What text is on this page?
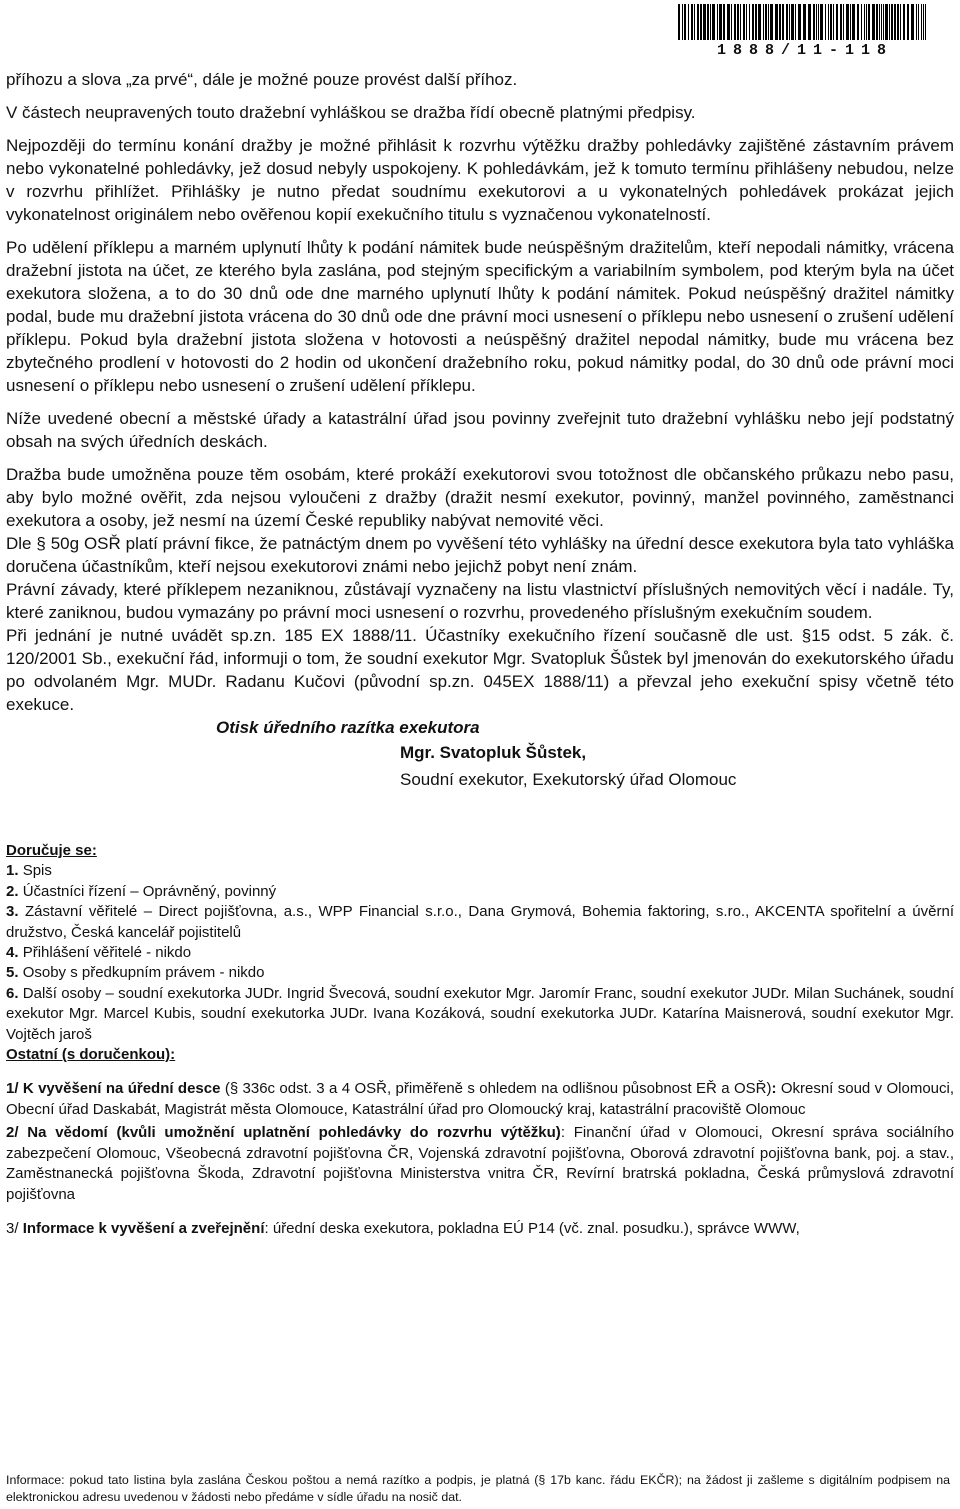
1888/11-118

příhozu a slova „za prvé“, dále je možné pouze provést další příhoz.

V částech neupravených touto dražební vyhláškou se dražba řídí obecně platnými předpisy.

Nejpozději do termínu konání dražby je možné přihlásit k rozvrhu výtěžku dražby pohledávky zajištěné zástavním právem nebo vykonatelné pohledávky, jež dosud nebyly uspokojeny. K pohledávkám, jež k tomuto termínu přihlášeny nebudou, nelze v rozvrhu přihlížet. Přihlášky je nutno předat soudnímu exekutorovi a u vykonatelných pohledávek prokázat jejich vykonatelnost originálem nebo ověřenou kopií exekučního titulu s vyznačenou vykonatelností.

Po udělení příklepu a marném uplynutí lhůty k podání námitek bude neúspěšným dražitelům, kteří nepodali námitky, vrácena dražební jistota na účet, ze kterého byla zaslána, pod stejným specifickým a variabilním symbolem, pod kterým byla na účet exekutora složena, a to do 30 dnů ode dne marného uplynutí lhůty k podání námitek. Pokud neúspěšný dražitel námitky podal, bude mu dražební jistota vrácena do 30 dnů ode dne právní moci usnesení o příklepu nebo usnesení o zrušení udělení příklepu. Pokud byla dražební jistota složena v hotovosti a neúspěšný dražitel nepodal námitky, bude mu vrácena bez zbytečného prodlení v hotovosti do 2 hodin od ukončení dražebního roku, pokud námitky podal, do 30 dnů ode právní moci usnesení o příklepu nebo usnesení o zrušení udělení příklepu.

Níže uvedené obecní a městské úřady a katastrální úřad jsou povinny zveřejnit tuto dražební vyhlášku nebo její podstatný obsah na svých úředních deskách.

Dražba bude umožněna pouze těm osobám, které prokáží exekutorovi svou totožnost dle občanského průkazu nebo pasu, aby bylo možné ověřit, zda nejsou vyloučeni z dražby (dražit nesmí exekutor, povinný, manžel povinného, zaměstnanci exekutora a osoby, jež nesmí na území České republiky nabývat nemovité věci.

Dle § 50g OSŘ platí právní fikce, že patnáctým dnem po vyvěšení této vyhlášky na úřední desce exekutora byla tato vyhláška doručena účastníkům, kteří nejsou exekutorovi známi nebo jejichž pobyt není znám.

Právní závady, které příklepem nezaniknou, zůstávají vyznačeny na listu vlastnictví příslušných nemovitých věcí i nadále. Ty, které zaniknou, budou vymazány po právní moci usnesení o rozvrhu, provedeného příslušným exekučním soudem.

Při jednání je nutné uvádět sp.zn. 185 EX 1888/11. Účastníky exekučního řízení současně dle ust. §15 odst. 5 zák. č. 120/2001 Sb., exekuční řád, informuji o tom, že soudní exekutor Mgr. Svatopluk Šůstek byl jmenován do exekutorského úřadu po odvolaném Mgr. MUDr. Radanu Kučovi (původní sp.zn. 045EX 1888/11) a převzal jeho exekuční spisy včetně této exekuce.

Otisk úředního razítka exekutora
Mgr. Svatopluk Šůstek,
Soudní exekutor, Exekutorský úřad Olomouc
Doručuje se:

1. Spis

2. Účastníci řízení – Oprávněný, povinný

3. Zástavní věřitelé – Direct pojišťovna, a.s., WPP Financial s.r.o., Dana Grymová, Bohemia faktoring, s.ro., AKCENTA spořitelní a úvěrní družstvo, Česká kancelář pojistitelů

4. Přihlášení věřitelé - nikdo

5. Osoby s předkupním právem - nikdo

6. Další osoby – soudní exekutorka JUDr. Ingrid Švecová, soudní exekutor Mgr. Jaromír Franc, soudní exekutor JUDr. Milan Suchánek, soudní exekutor Mgr. Marcel Kubis, soudní exekutorka JUDr. Ivana Kozáková, soudní exekutorka JUDr. Katarína Maisnerová, soudní exekutor Mgr. Vojtěch jaroš

Ostatní (s doručenkou):

1/ K vyvěšení na úřední desce (§ 336c odst. 3 a 4 OSŘ, přiměřeně s ohledem na odlišnou působnost EŘ a OSŘ): Okresní soud v Olomouci, Obecní úřad Daskabát, Magistrát města Olomouce, Katastrální úřad pro Olomoucký kraj, katastrální pracoviště Olomouc

2/ Na vědomí (kvůli umožnění uplatnění pohledávky do rozvrhu výtěžku): Finanční úřad v Olomouci, Okresní správa sociálního zabezpečení Olomouc, Všeobecná zdravotní pojišťovna ČR, Vojenská zdravotní pojišťovna, Oborová zdravotní pojišťovna bank, poj. a stav., Zaměstnanecká pojišťovna Škoda, Zdravotní pojišťovna Ministerstva vnitra ČR, Revírní bratrská pokladna, Česká průmyslová zdravotní pojišťovna

3/ Informace k vyvěšení a zveřejnění: úřední deska exekutora, pokladna EÚ P14 (vč. znal. posudku.), správce WWW,

Informace: pokud tato listina byla zaslána Českou poštou a nemá razítko a podpis, je platná (§ 17b kanc. řádu EKČR); na žádost ji zašleme s digitálním podpisem na elektronickou adresu uvedenou v žádosti nebo předáme v sídle úřadu na nosič dat.
